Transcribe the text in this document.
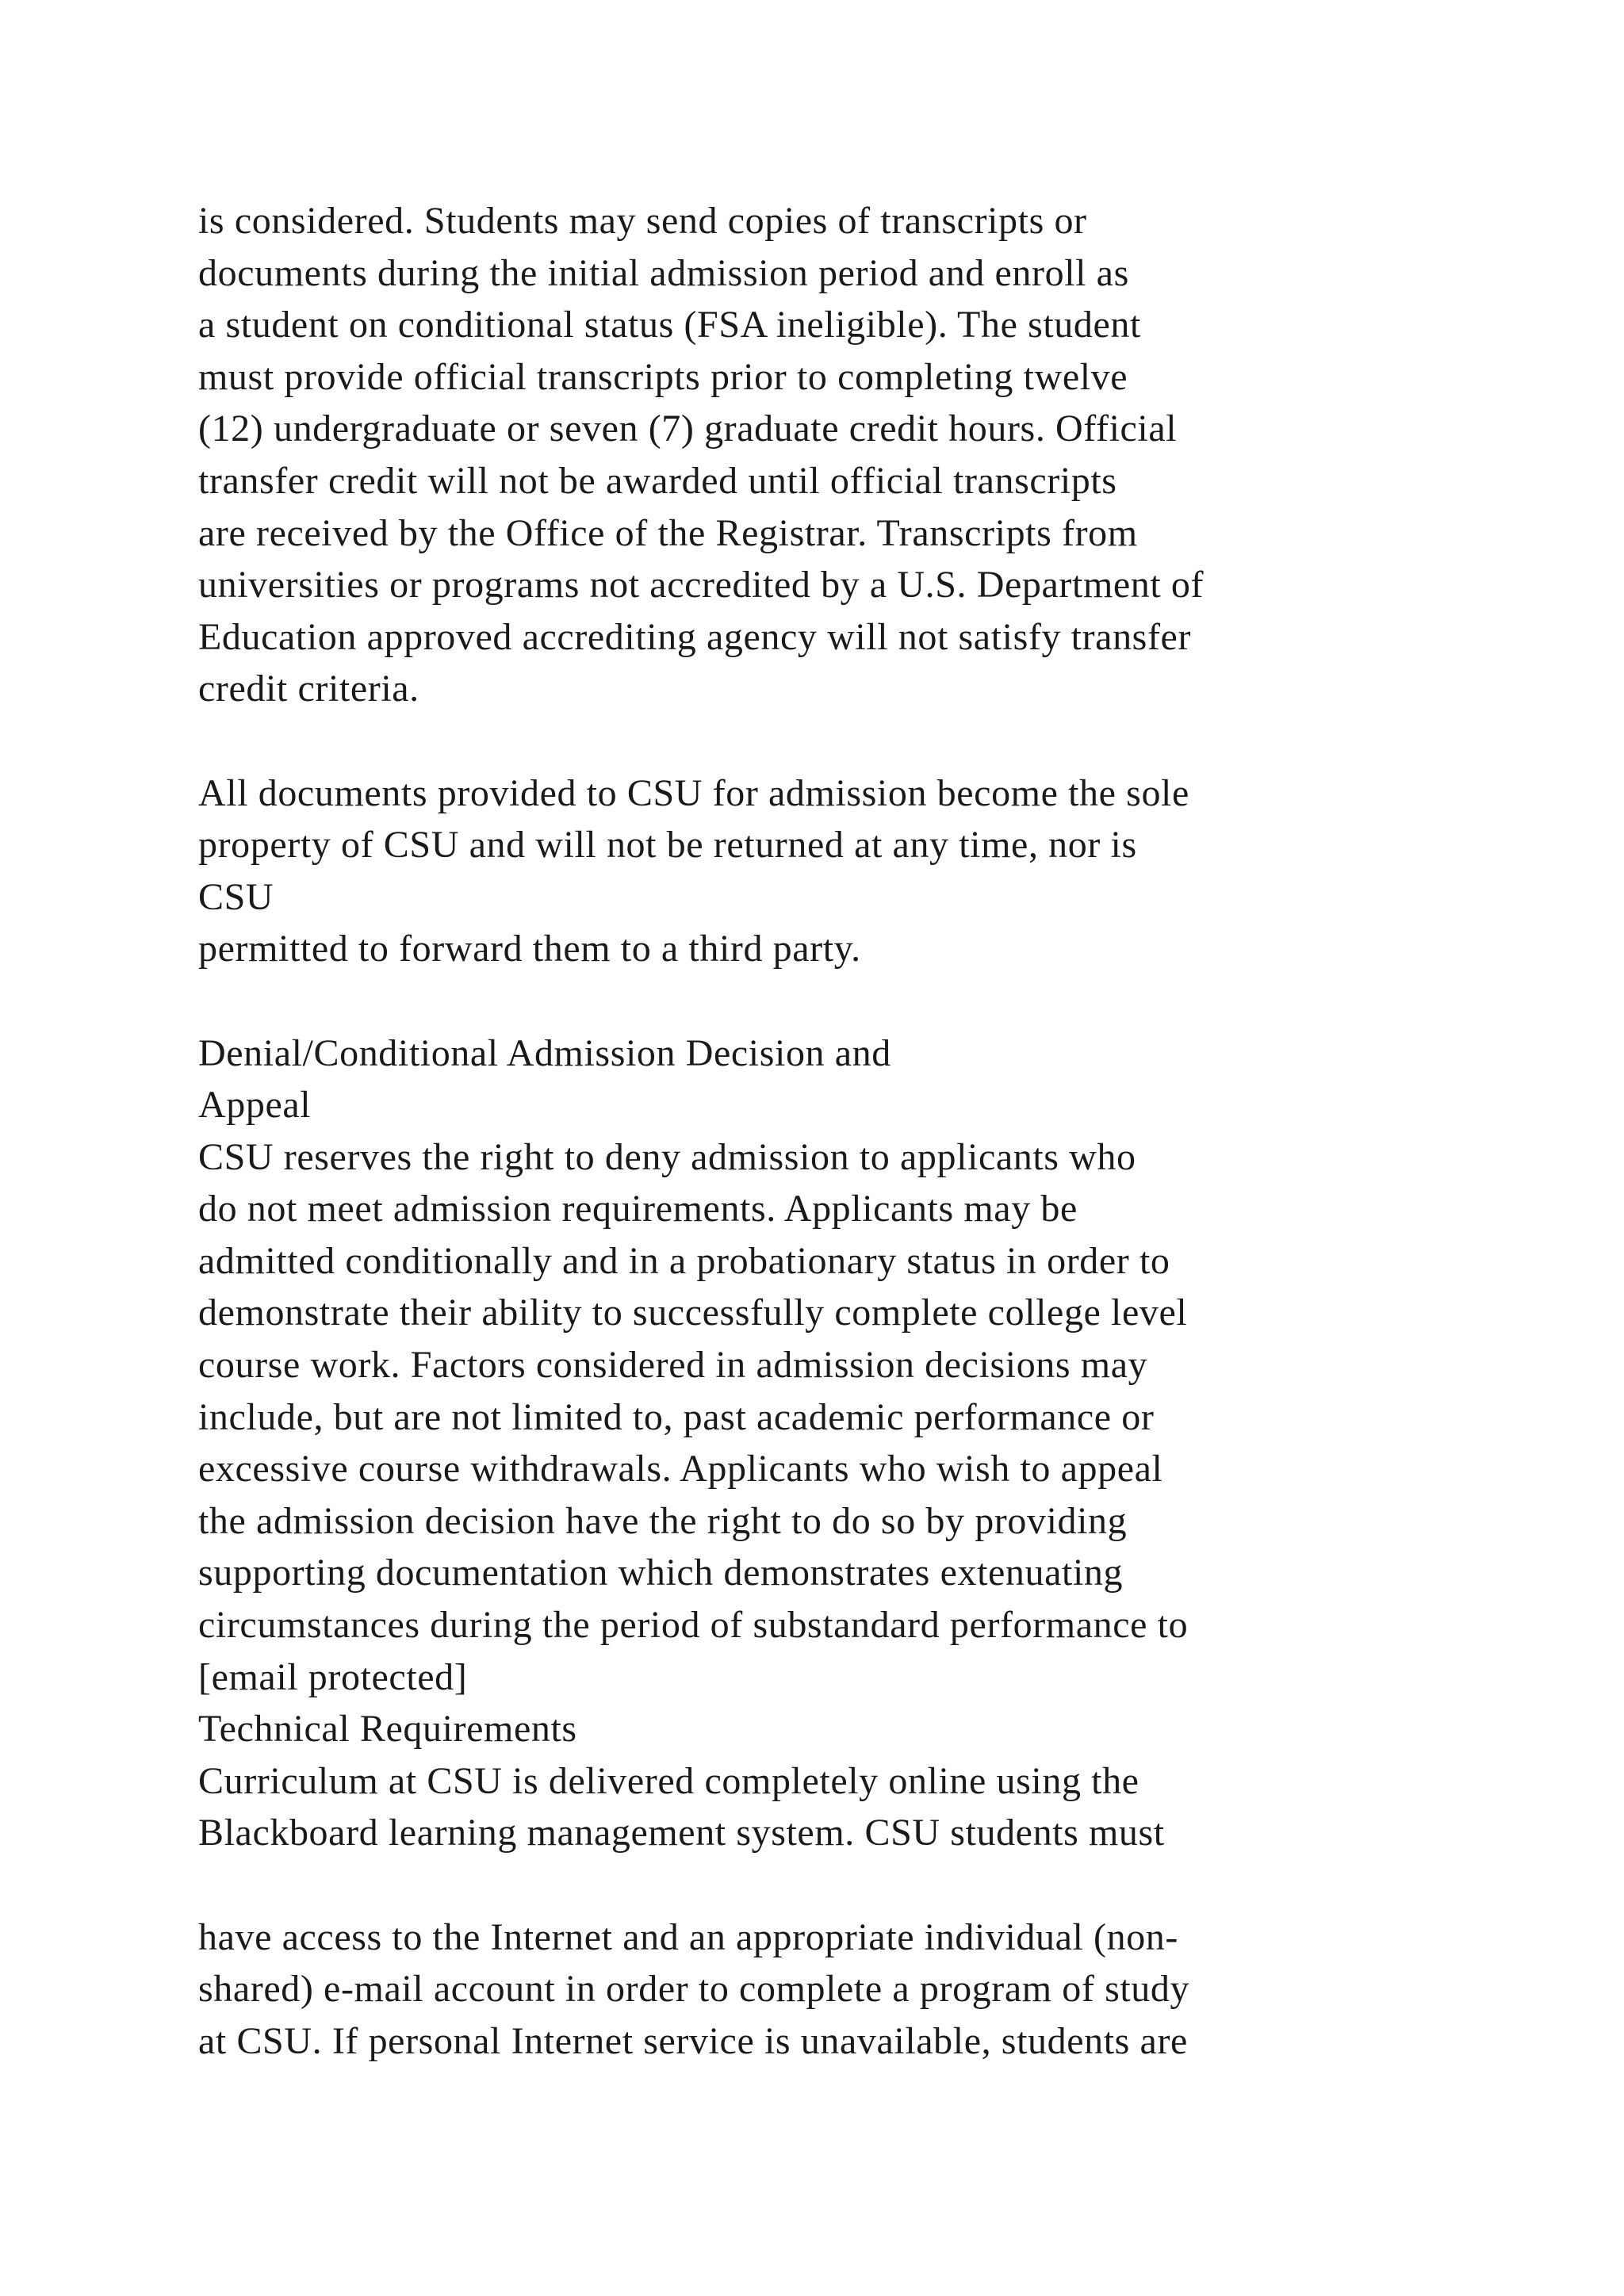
is considered. Students may send copies of transcripts or
documents during the initial admission period and enroll as
a student on conditional status (FSA ineligible). The student
must provide official transcripts prior to completing twelve
(12) undergraduate or seven (7) graduate credit hours. Official
transfer credit will not be awarded until official transcripts
are received by the Office of the Registrar. Transcripts from
universities or programs not accredited by a U.S. Department of
Education approved accrediting agency will not satisfy transfer
credit criteria.
All documents provided to CSU for admission become the sole
property of CSU and will not be returned at any time, nor is
CSU
permitted to forward them to a third party.
Denial/Conditional Admission Decision and
Appeal
CSU reserves the right to deny admission to applicants who
do not meet admission requirements. Applicants may be
admitted conditionally and in a probationary status in order to
demonstrate their ability to successfully complete college level
course work. Factors considered in admission decisions may
include, but are not limited to, past academic performance or
excessive course withdrawals. Applicants who wish to appeal
the admission decision have the right to do so by providing
supporting documentation which demonstrates extenuating
circumstances during the period of substandard performance to
[email protected]
Technical Requirements
Curriculum at CSU is delivered completely online using the
Blackboard learning management system. CSU students must
have access to the Internet and an appropriate individual (non-
shared) e-mail account in order to complete a program of study
at CSU. If personal Internet service is unavailable, students are
